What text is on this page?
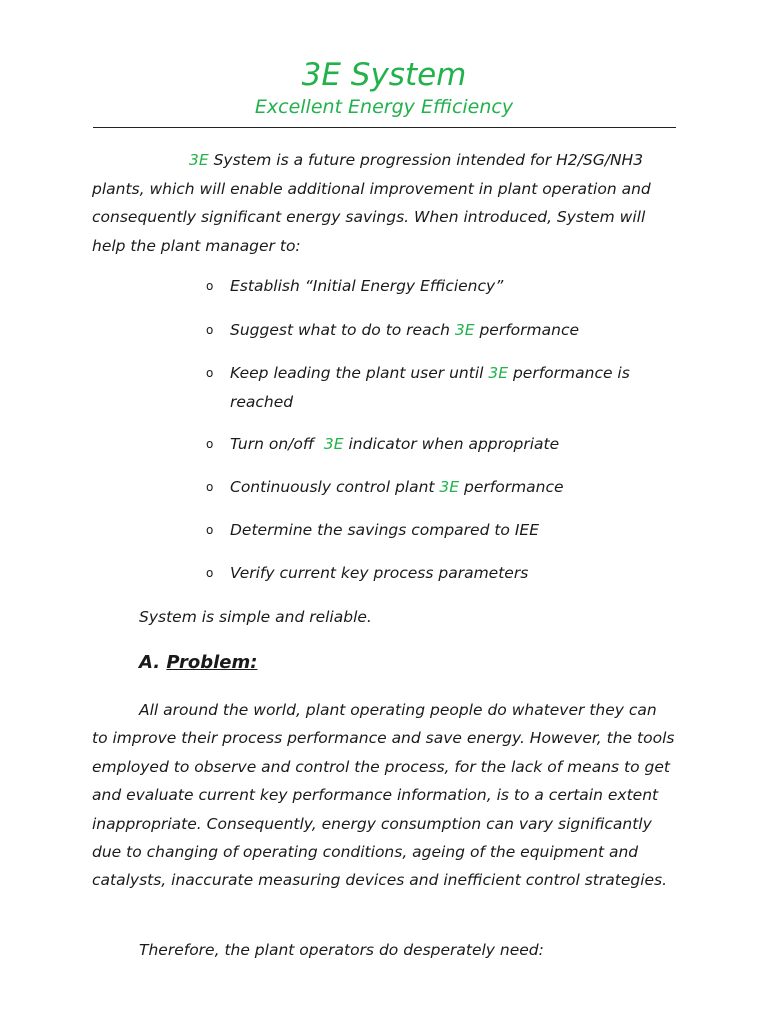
3E System
Excellent Energy Efficiency

3E System is a future progression intended for H2/SG/NH3 plants, which will enable additional improvement in plant operation and consequently significant energy savings. When introduced, System will help the plant manager to:

o Establish “Initial Energy Efficiency”

o Suggest what to do to reach 3E performance

o Keep leading the plant user until 3E performance is reached

o Turn on/off  3E indicator when appropriate

o Continuously control plant 3E performance

o Determine the savings compared to IEE

o Verify current key process parameters

System is simple and reliable.

A. Problem:

All around the world, plant operating people do whatever they can to improve their process performance and save energy. However, the tools employed to observe and control the process, for the lack of means to get and evaluate current key performance information, is to a certain extent inappropriate. Consequently, energy consumption can vary significantly due to changing of operating conditions, ageing of the equipment and catalysts, inaccurate measuring devices and inefficient control strategies.

Therefore, the plant operators do desperately need:
